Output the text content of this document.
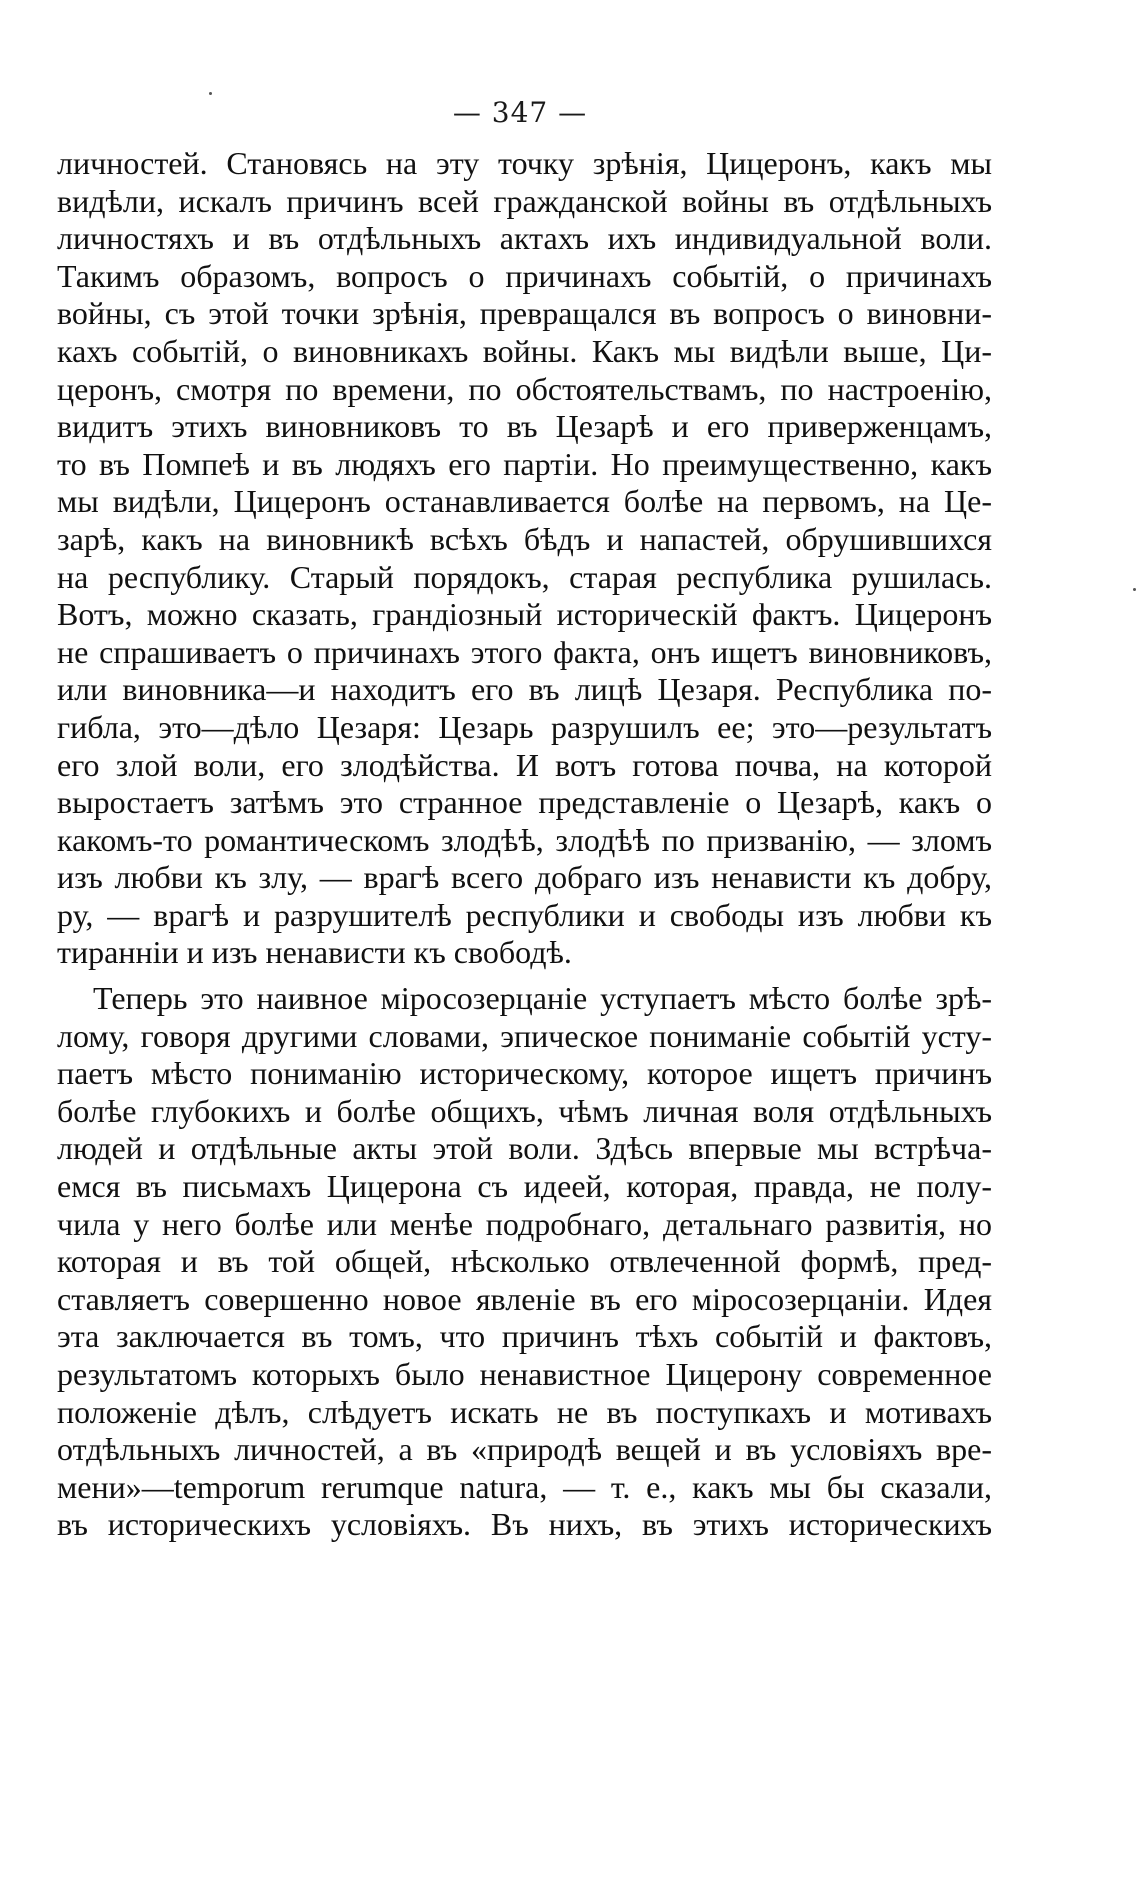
— 347 —
личностей. Становясь на эту точку зрѣнія, Цицеронъ, какъ мы
видѣли, искалъ причинъ всей гражданской войны въ отдѣльныхъ
личностяхъ и въ отдѣльныхъ актахъ ихъ индивидуальной воли.
Такимъ образомъ, вопросъ о причинахъ событій, о причинахъ
войны, съ этой точки зрѣнія, превращался въ вопросъ о виновни-
кахъ событій, о виновникахъ войны. Какъ мы видѣли выше, Ци-
церонъ, смотря по времени, по обстоятельствамъ, по настроенію,
видитъ этихъ виновниковъ то въ Цезарѣ и его приверженцамъ,
то въ Помпеѣ и въ людяхъ его партіи. Но преимущественно, какъ
мы видѣли, Цицеронъ останавливается болѣе на первомъ, на Це-
зарѣ, какъ на виновникѣ всѣхъ бѣдъ и напастей, обрушившихся
на республику. Старый порядокъ, старая республика рушилась.
Вотъ, можно сказать, грандіозный историческій фактъ. Цицеронъ
не спрашиваетъ о причинахъ этого факта, онъ ищетъ виновниковъ,
или виновника—и находитъ его въ лицѣ Цезаря. Республика по-
гибла, это—дѣло Цезаря: Цезарь разрушилъ ее; это—результатъ
его злой воли, его злодѣйства. И вотъ готова почва, на которой
выростаетъ затѣмъ это странное представленіе о Цезарѣ, какъ о
какомъ-то романтическомъ злодѣѣ, злодѣѣ по призванію, — зломъ
изъ любви къ злу, — врагѣ всего добраго изъ ненависти къ добру,
ру, — врагѣ и разрушителѣ республики и свободы изъ любви къ
тиранніи и изъ ненависти къ свободѣ.
Теперь это наивное міросозерцаніе уступаетъ мѣсто болѣе зрѣ-
лому, говоря другими словами, эпическое пониманіе событій усту-
паетъ мѣсто пониманію историческому, которое ищетъ причинъ
болѣе глубокихъ и болѣе общихъ, чѣмъ личная воля отдѣльныхъ
людей и отдѣльные акты этой воли. Здѣсь впервые мы встрѣча-
емся въ письмахъ Цицерона съ идеей, которая, правда, не полу-
чила у него болѣе или менѣе подробнаго, детальнаго развитія, но
которая и въ той общей, нѣсколько отвлеченной формѣ, пред-
ставляетъ совершенно новое явленіе въ его міросозерцаніи. Идея
эта заключается въ томъ, что причинъ тѣхъ событій и фактовъ,
результатомъ которыхъ было ненавистное Цицерону современное
положеніе дѣлъ, слѣдуетъ искать не въ поступкахъ и мотивахъ
отдѣльныхъ личностей, а въ «природѣ вещей и въ условіяхъ вре-
мени»—temporum rerumque natura, — т. е., какъ мы бы сказали,
въ историческихъ условіяхъ. Въ нихъ, въ этихъ историческихъ
